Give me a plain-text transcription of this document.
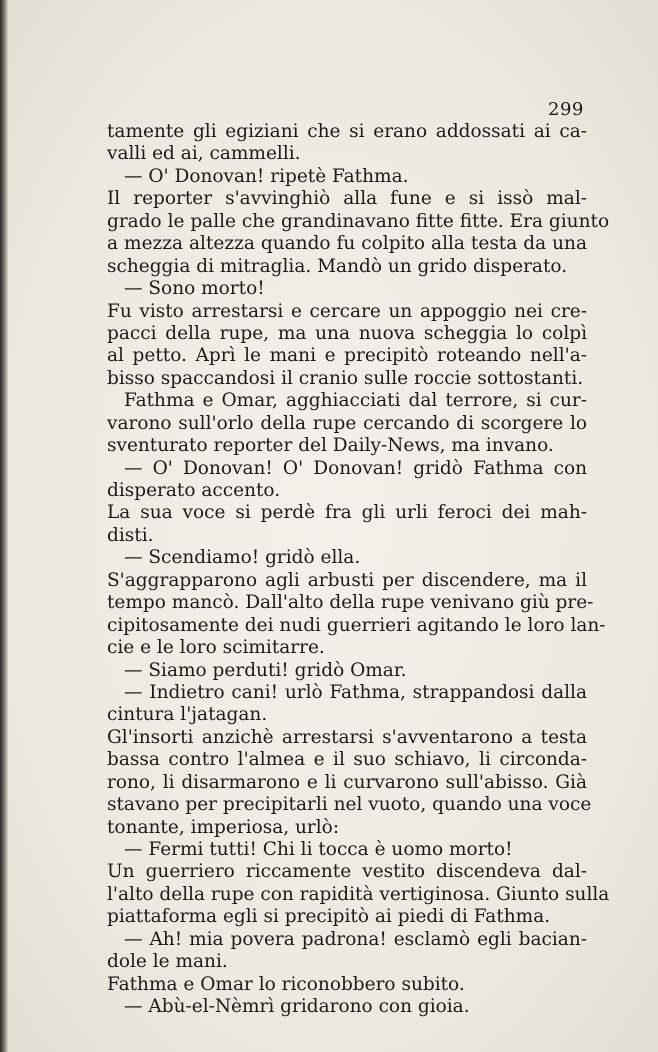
299
tamente gli egiziani che si erano addossati ai ca-
valli ed ai, cammelli.
— O' Donovan! ripetè Fathma.
Il reporter s'avvinghiò alla fune e si issò mal-
grado le palle che grandinavano fitte fitte. Era giunto
a mezza altezza quando fu colpito alla testa da una
scheggia di mitraglia. Mandò un grido disperato.
— Sono morto!
Fu visto arrestarsi e cercare un appoggio nei cre-
pacci della rupe, ma una nuova scheggia lo colpì
al petto. Aprì le mani e precipitò roteando nell'a-
bisso spaccandosi il cranio sulle roccie sottostanti.
Fathma e Omar, agghiacciati dal terrore, si cur-
varono sull'orlo della rupe cercando di scorgere lo
sventurato reporter del Daily-News, ma invano.
— O' Donovan! O' Donovan! gridò Fathma con
disperato accento.
La sua voce si perdè fra gli urli feroci dei mah-
disti.
— Scendiamo! gridò ella.
S'aggrapparono agli arbusti per discendere, ma il
tempo mancò. Dall'alto della rupe venivano giù pre-
cipitosamente dei nudi guerrieri agitando le loro lan-
cie e le loro scimitarre.
— Siamo perduti! gridò Omar.
— Indietro cani! urlò Fathma, strappandosi dalla
cintura l'jatagan.
Gl'insorti anzichè arrestarsi s'avventarono a testa
bassa contro l'almea e il suo schiavo, li circonda-
rono, li disarmarono e li curvarono sull'abisso. Già
stavano per precipitarli nel vuoto, quando una voce
tonante, imperiosa, urlò:
— Fermi tutti! Chi li tocca è uomo morto!
Un guerriero riccamente vestito discendeva dal-
l'alto della rupe con rapidità vertiginosa. Giunto sulla
piattaforma egli si precipitò ai piedi di Fathma.
— Ah! mia povera padrona! esclamò egli bacian-
dole le mani.
Fathma e Omar lo riconobbero subito.
— Abù-el-Nèmrì gridarono con gioia.
